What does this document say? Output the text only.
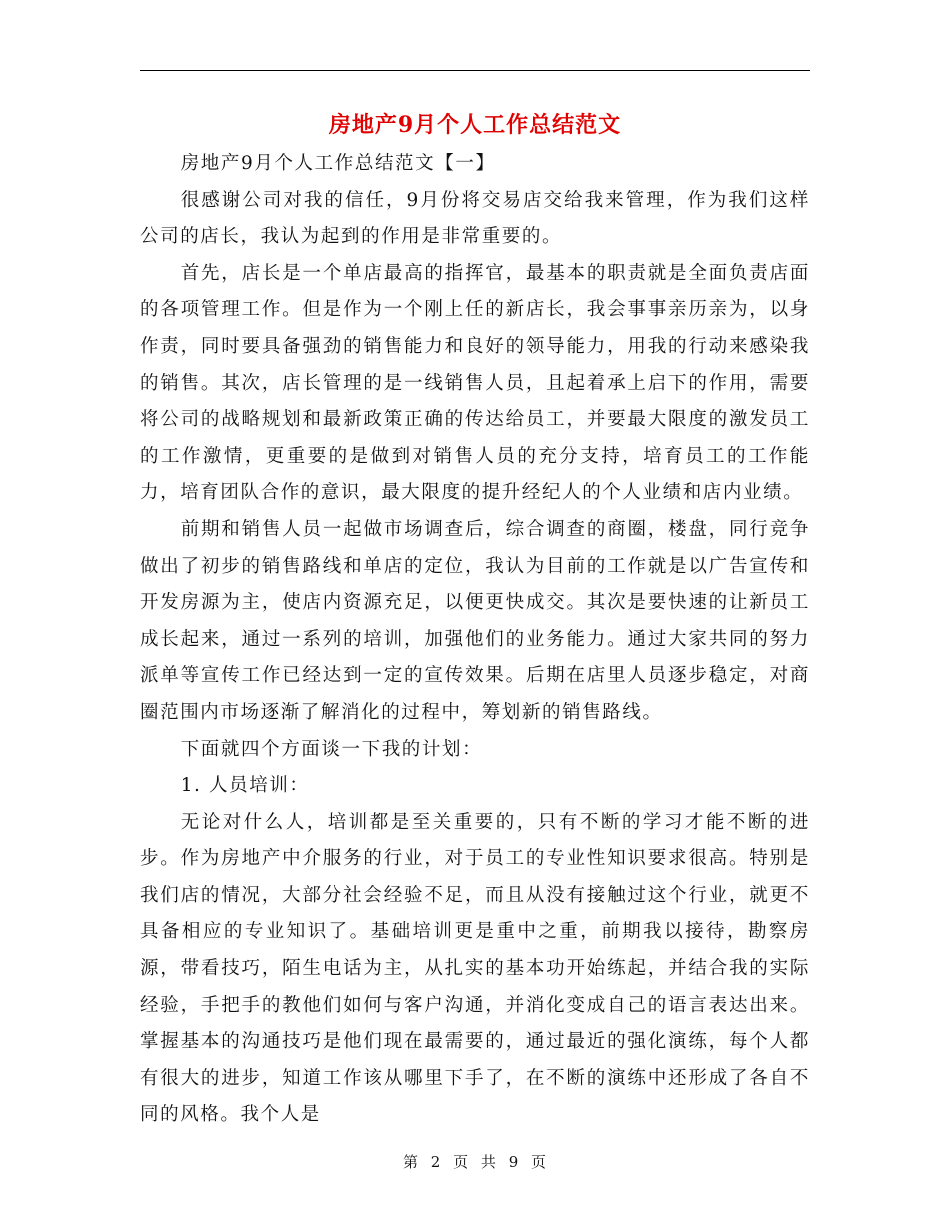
房地产9月个人工作总结范文

房地产9月个人工作总结范文【一】

很感谢公司对我的信任，9月份将交易店交给我来管理，作为我们这样公司的店长，我认为起到的作用是非常重要的。

首先，店长是一个单店最高的指挥官，最基本的职责就是全面负责店面的各项管理工作。但是作为一个刚上任的新店长，我会事事亲历亲为，以身作责，同时要具备强劲的销售能力和良好的领导能力，用我的行动来感染我的销售。其次，店长管理的是一线销售人员，且起着承上启下的作用，需要将公司的战略规划和最新政策正确的传达给员工，并要最大限度的激发员工的工作激情，更重要的是做到对销售人员的充分支持，培育员工的工作能力，培育团队合作的意识，最大限度的提升经纪人的个人业绩和店内业绩。

前期和销售人员一起做市场调查后，综合调查的商圈，楼盘，同行竞争做出了初步的销售路线和单店的定位，我认为目前的工作就是以广告宣传和开发房源为主，使店内资源充足，以便更快成交。其次是要快速的让新员工成长起来，通过一系列的培训，加强他们的业务能力。通过大家共同的努力派单等宣传工作已经达到一定的宣传效果。后期在店里人员逐步稳定，对商圈范围内市场逐渐了解消化的过程中，筹划新的销售路线。

下面就四个方面谈一下我的计划：

1. 人员培训：

无论对什么人，培训都是至关重要的，只有不断的学习才能不断的进步。作为房地产中介服务的行业，对于员工的专业性知识要求很高。特别是我们店的情况，大部分社会经验不足，而且从没有接触过这个行业，就更不具备相应的专业知识了。基础培训更是重中之重，前期我以接待，勘察房源，带看技巧，陌生电话为主，从扎实的基本功开始练起，并结合我的实际经验，手把手的教他们如何与客户沟通，并消化变成自己的语言表达出来。掌握基本的沟通技巧是他们现在最需要的，通过最近的强化演练，每个人都有很大的进步，知道工作该从哪里下手了，在不断的演练中还形成了各自不同的风格。我个人是

第 2 页 共 9 页
